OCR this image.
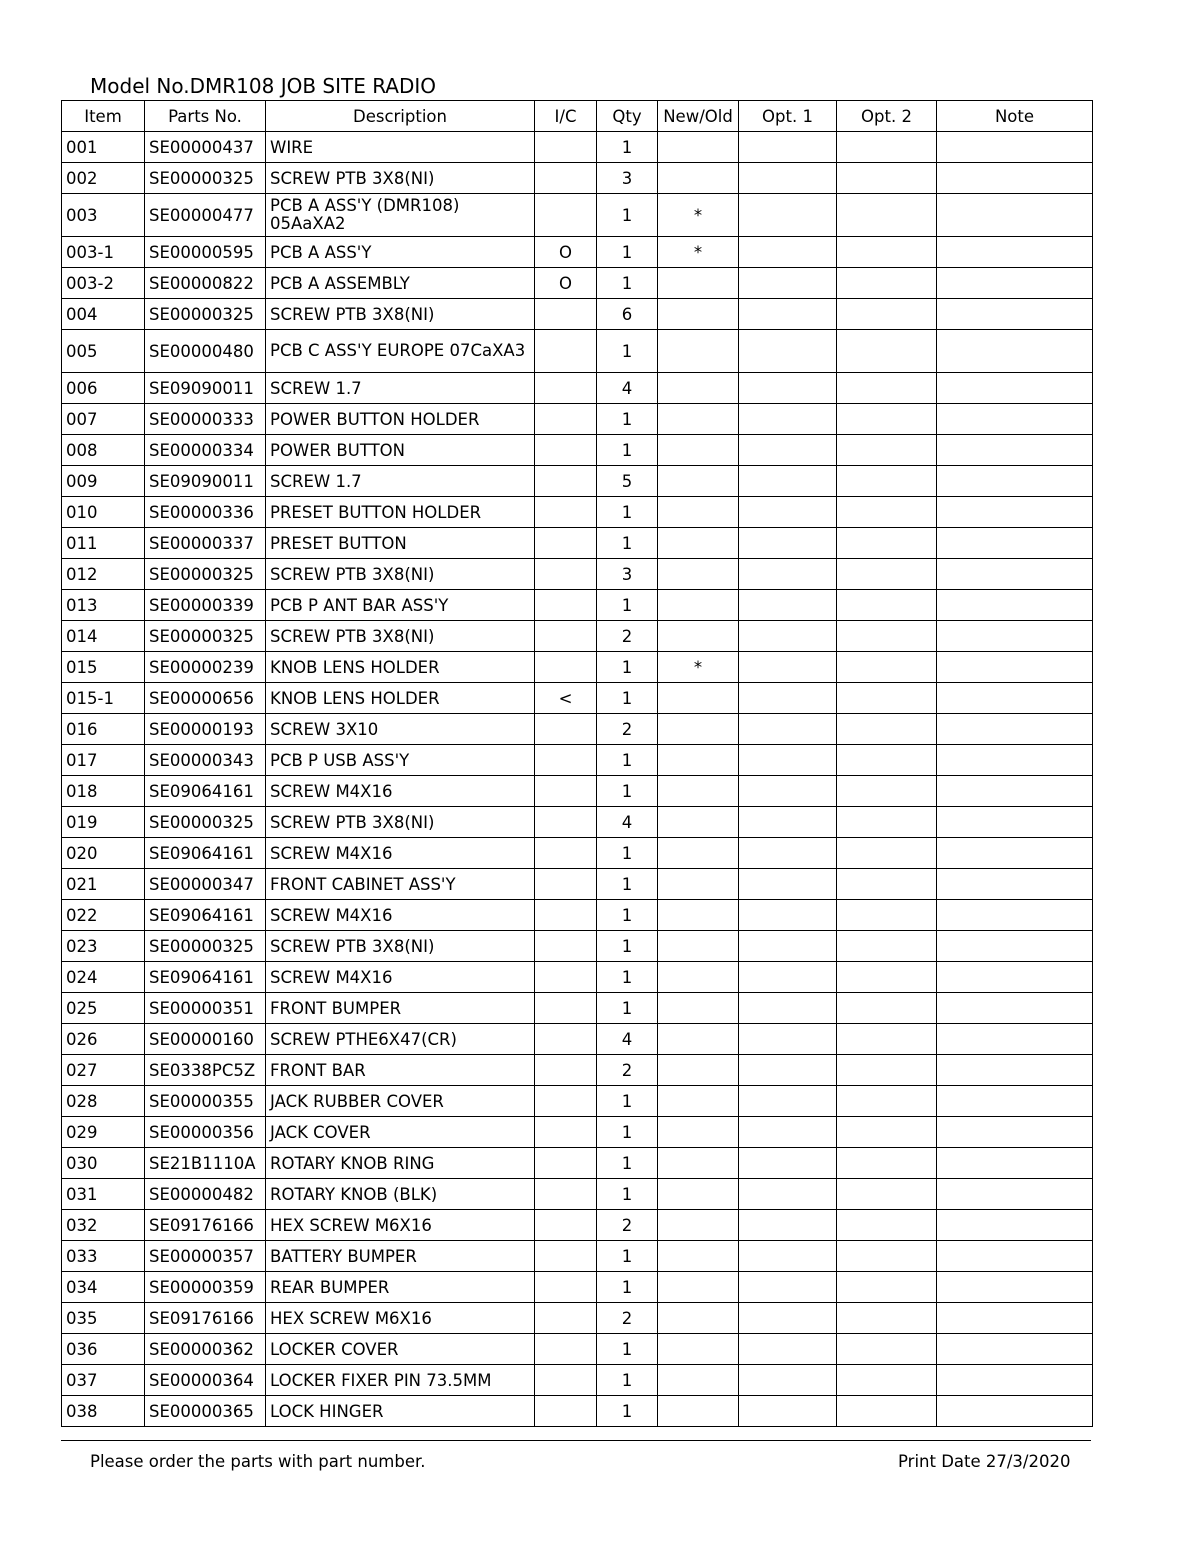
Model No.DMR108 JOB SITE RADIO
Item	Parts No.	Description	I/C	Qty	New/Old	Opt. 1	Opt. 2	Note
001	SE00000437	WIRE		1				
002	SE00000325	SCREW PTB 3X8(NI)		3				
003	SE00000477	PCB A ASS'Y (DMR108) 05AaXA2		1	*			
003-1	SE00000595	PCB A ASS'Y	O	1	*			
003-2	SE00000822	PCB A ASSEMBLY	O	1				
004	SE00000325	SCREW PTB 3X8(NI)		6				
005	SE00000480	PCB C ASS'Y EUROPE 07CaXA3		1				
006	SE09090011	SCREW 1.7		4				
007	SE00000333	POWER BUTTON HOLDER		1				
008	SE00000334	POWER BUTTON		1				
009	SE09090011	SCREW 1.7		5				
010	SE00000336	PRESET BUTTON HOLDER		1				
011	SE00000337	PRESET BUTTON		1				
012	SE00000325	SCREW PTB 3X8(NI)		3				
013	SE00000339	PCB P ANT BAR ASS'Y		1				
014	SE00000325	SCREW PTB 3X8(NI)		2				
015	SE00000239	KNOB LENS HOLDER		1	*			
015-1	SE00000656	KNOB LENS HOLDER	<	1				
016	SE00000193	SCREW 3X10		2				
017	SE00000343	PCB P USB ASS'Y		1				
018	SE09064161	SCREW M4X16		1				
019	SE00000325	SCREW PTB 3X8(NI)		4				
020	SE09064161	SCREW M4X16		1				
021	SE00000347	FRONT CABINET ASS'Y		1				
022	SE09064161	SCREW M4X16		1				
023	SE00000325	SCREW PTB 3X8(NI)		1				
024	SE09064161	SCREW M4X16		1				
025	SE00000351	FRONT BUMPER		1				
026	SE00000160	SCREW PTHE6X47(CR)		4				
027	SE0338PC5Z	FRONT BAR		2				
028	SE00000355	JACK RUBBER COVER		1				
029	SE00000356	JACK COVER		1				
030	SE21B1110A	ROTARY KNOB RING		1				
031	SE00000482	ROTARY KNOB (BLK)		1				
032	SE09176166	HEX SCREW M6X16		2				
033	SE00000357	BATTERY BUMPER		1				
034	SE00000359	REAR BUMPER		1				
035	SE09176166	HEX SCREW M6X16		2				
036	SE00000362	LOCKER COVER		1				
037	SE00000364	LOCKER FIXER PIN 73.5MM		1				
038	SE00000365	LOCK HINGER		1				
Please order the parts with part number.	Print Date 27/3/2020
